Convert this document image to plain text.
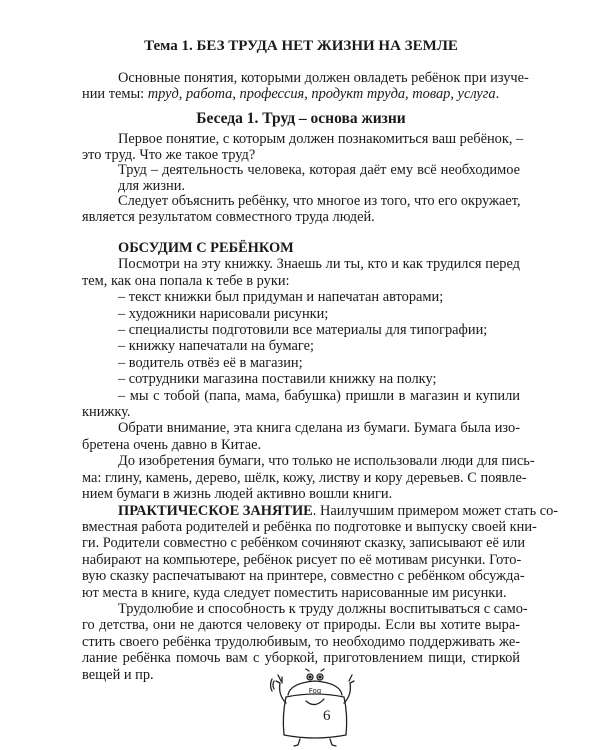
Тема 1. БЕЗ ТРУДА НЕТ ЖИЗНИ НА ЗЕМЛЕ
Основные понятия, которыми должен овладеть ребёнок при изуче-
нии темы: труд, работа, профессия, продукт труда, товар, услуга.
Беседа 1. Труд – основа жизни
Первое понятие, с которым должен познакомиться ваш ребёнок, –
это труд. Что же такое труд?
Труд – деятельность человека, которая даёт ему всё необходимое
для жизни.
Следует объяснить ребёнку, что многое из того, что его окружает,
является результатом совместного труда людей.
ОБСУДИМ С РЕБЁНКОМ
Посмотри на эту книжку. Знаешь ли ты, кто и как трудился перед
тем, как она попала к тебе в руки:
– текст книжки был придуман и напечатан авторами;
– художники нарисовали рисунки;
– специалисты подготовили все материалы для типографии;
– книжку напечатали на бумаге;
– водитель отвёз её в магазин;
– сотрудники магазина поставили книжку на полку;
– мы с тобой (папа, мама, бабушка) пришли в магазин и купили
книжку.
Обрати внимание, эта книга сделана из бумаги. Бумага была изо-
бретена очень давно в Китае.
До изобретения бумаги, что только не использовали люди для пись-
ма: глину, камень, дерево, шёлк, кожу, листву и кору деревьев. С появле-
нием бумаги в жизнь людей активно вошли книги.
ПРАКТИЧЕСКОЕ ЗАНЯТИЕ. Наилучшим примером может стать со-
вместная работа родителей и ребёнка по подготовке и выпуску своей кни-
ги. Родители совместно с ребёнком сочиняют сказку, записывают её или
набирают на компьютере, ребёнок рисует по её мотивам рисунки. Гото-
вую сказку распечатывают на принтере, совместно с ребёнком обсужда-
ют места в книге, куда следует поместить нарисованные им рисунки.
Трудолюбие и способность к труду должны воспитываться с само-
го детства, они не даются человеку от природы. Если вы хотите выра-
стить своего ребёнка трудолюбивым, то необходимо поддерживать же-
лание ребёнка помочь вам с уборкой, приготовлением пищи, стиркой
вещей и пр.
Fog
6
